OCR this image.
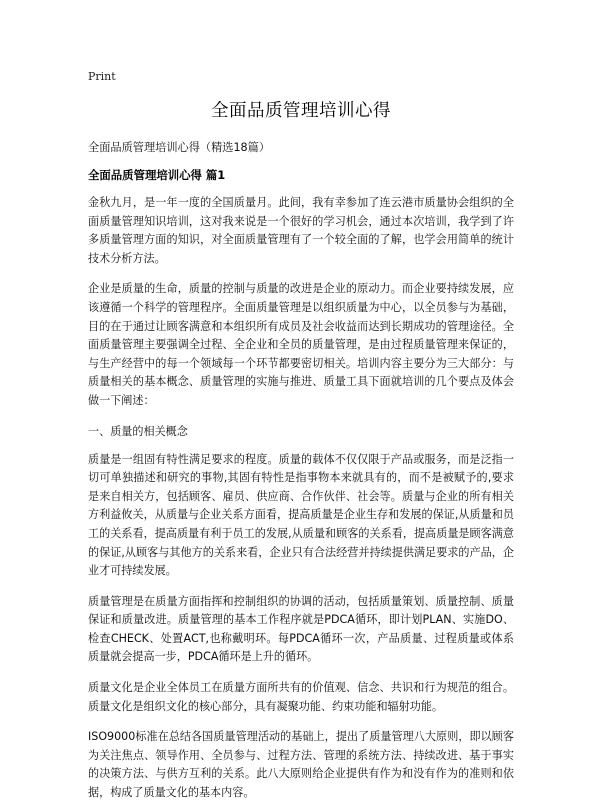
Print
全面品质管理培训心得
全面品质管理培训心得（精选18篇）
全面品质管理培训心得 篇1

金秋九月，是一年一度的全国质量月。此间，我有幸参加了连云港市质量协会组织的全面质量管理知识培训，这对我来说是一个很好的学习机会，通过本次培训，我学到了许多质量管理方面的知识，对全面质量管理有了一个较全面的了解，也学会用简单的统计技术分析方法。

企业是质量的生命，质量的控制与质量的改进是企业的原动力。而企业要持续发展，应该遵循一个科学的管理程序。全面质量管理是以组织质量为中心，以全员参与为基础，目的在于通过让顾客满意和本组织所有成员及社会收益而达到长期成功的管理途径。全面质量管理主要强调全过程、全企业和全员的质量管理，是由过程质量管理来保证的，与生产经营中的每一个领域每一个环节都要密切相关。培训内容主要分为三大部分：与质量相关的基本概念、质量管理的实施与推进、质量工具下面就培训的几个要点及体会做一下阐述：

一、质量的相关概念

质量是一组固有特性满足要求的程度。质量的载体不仅仅限于产品或服务，而是泛指一切可单独描述和研究的事物,其固有特性是指事物本来就具有的，而不是被赋予的,要求是来自相关方，包括顾客、雇员、供应商、合作伙伴、社会等。质量与企业的所有相关方利益攸关，从质量与企业关系方面看，提高质量是企业生存和发展的保证,从质量和员工的关系看，提高质量有利于员工的发展,从质量和顾客的关系看，提高质量是顾客满意的保证,从顾客与其他方的关系来看，企业只有合法经营并持续提供满足要求的产品，企业才可持续发展。

质量管理是在质量方面指挥和控制组织的协调的活动，包括质量策划、质量控制、质量保证和质量改进。质量管理的基本工作程序就是PDCA循环，即计划PLAN、实施DO、检查CHECK、处置ACT,也称戴明环。每PDCA循环一次，产品质量、过程质量或体系质量就会提高一步，PDCA循环是上升的循环。

质量文化是企业全体员工在质量方面所共有的价值观、信念、共识和行为规范的组合。质量文化是组织文化的核心部分，具有凝聚功能、约束功能和辐射功能。

ISO9000标准在总结各国质量管理活动的基础上，提出了质量管理八大原则，即以顾客为关注焦点、领导作用、全员参与、过程方法、管理的系统方法、持续改进、基于事实的决策方法、与供方互利的关系。此八大原则给企业提供有作为和没有作为的准则和依据，构成了质量文化的基本内容。
